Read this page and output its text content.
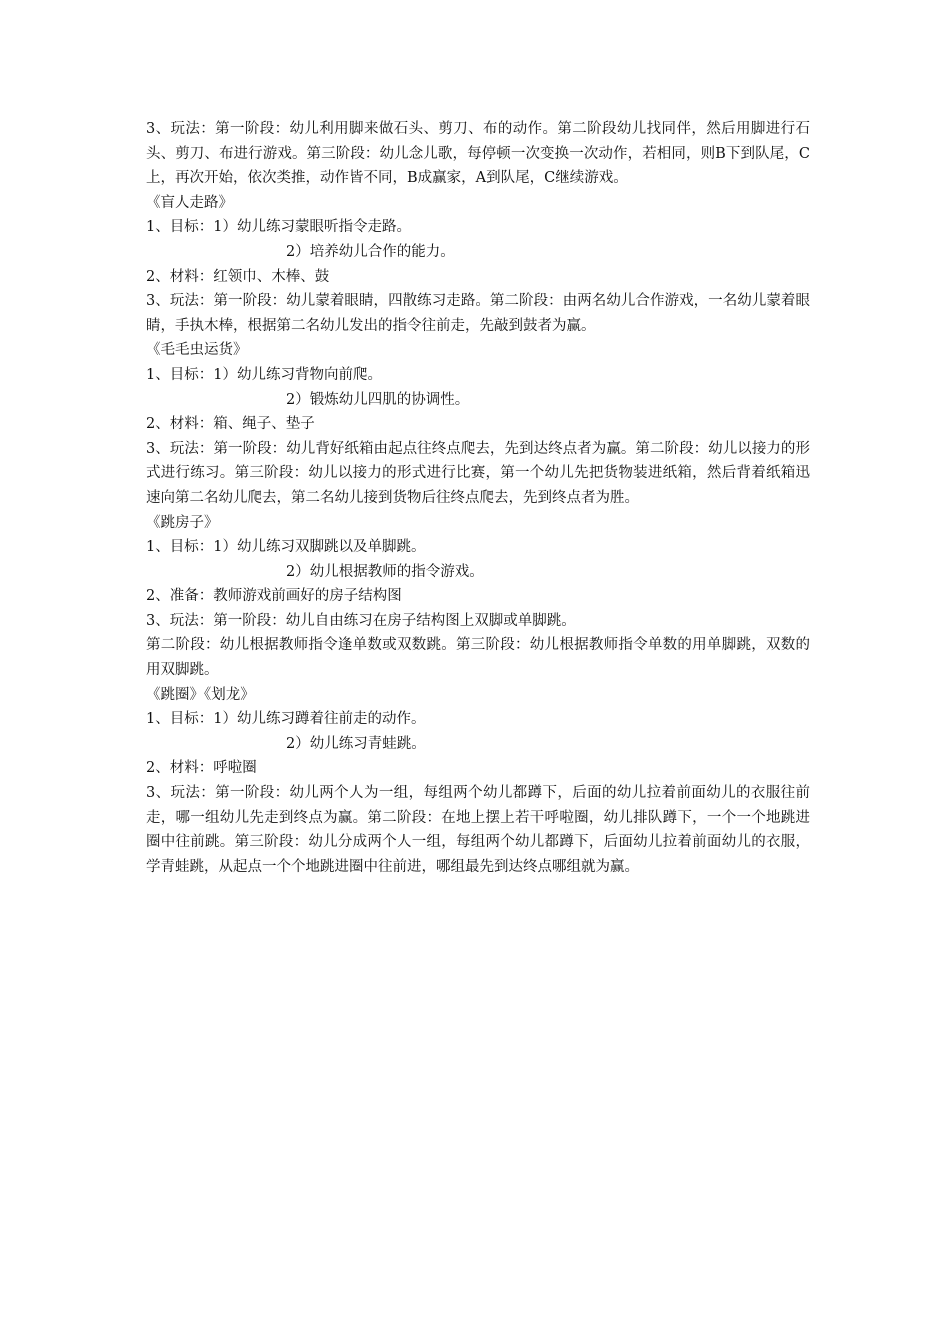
3、玩法：第一阶段：幼儿利用脚来做石头、剪刀、布的动作。第二阶段幼儿找同伴，然后用脚进行石头、剪刀、布进行游戏。第三阶段：幼儿念儿歌，每停顿一次变换一次动作，若相同，则B下到队尾，C上，再次开始，依次类推，动作皆不同，B成赢家，A到队尾，C继续游戏。

《盲人走路》

1、目标：1）幼儿练习蒙眼听指令走路。

2）培养幼儿合作的能力。

2、材料：红领巾、木棒、鼓

3、玩法：第一阶段：幼儿蒙着眼睛，四散练习走路。第二阶段：由两名幼儿合作游戏，一名幼儿蒙着眼睛，手执木棒，根据第二名幼儿发出的指令往前走，先敲到鼓者为赢。

《毛毛虫运货》

1、目标：1）幼儿练习背物向前爬。

2）锻炼幼儿四肌的协调性。

2、材料：箱、绳子、垫子

3、玩法：第一阶段：幼儿背好纸箱由起点往终点爬去，先到达终点者为赢。第二阶段：幼儿以接力的形式进行练习。第三阶段：幼儿以接力的形式进行比赛，第一个幼儿先把货物装进纸箱，然后背着纸箱迅速向第二名幼儿爬去，第二名幼儿接到货物后往终点爬去，先到终点者为胜。

《跳房子》

1、目标：1）幼儿练习双脚跳以及单脚跳。

2）幼儿根据教师的指令游戏。

2、准备：教师游戏前画好的房子结构图

3、玩法：第一阶段：幼儿自由练习在房子结构图上双脚或单脚跳。

第二阶段：幼儿根据教师指令逢单数或双数跳。第三阶段：幼儿根据教师指令单数的用单脚跳，双数的用双脚跳。

《跳圈》《划龙》

1、目标：1）幼儿练习蹲着往前走的动作。

2）幼儿练习青蛙跳。

2、材料：呼啦圈

3、玩法：第一阶段：幼儿两个人为一组，每组两个幼儿都蹲下，后面的幼儿拉着前面幼儿的衣服往前走，哪一组幼儿先走到终点为赢。第二阶段：在地上摆上若干呼啦圈，幼儿排队蹲下，一个一个地跳进圈中往前跳。第三阶段：幼儿分成两个人一组，每组两个幼儿都蹲下，后面幼儿拉着前面幼儿的衣服，学青蛙跳，从起点一个个地跳进圈中往前进，哪组最先到达终点哪组就为赢。
